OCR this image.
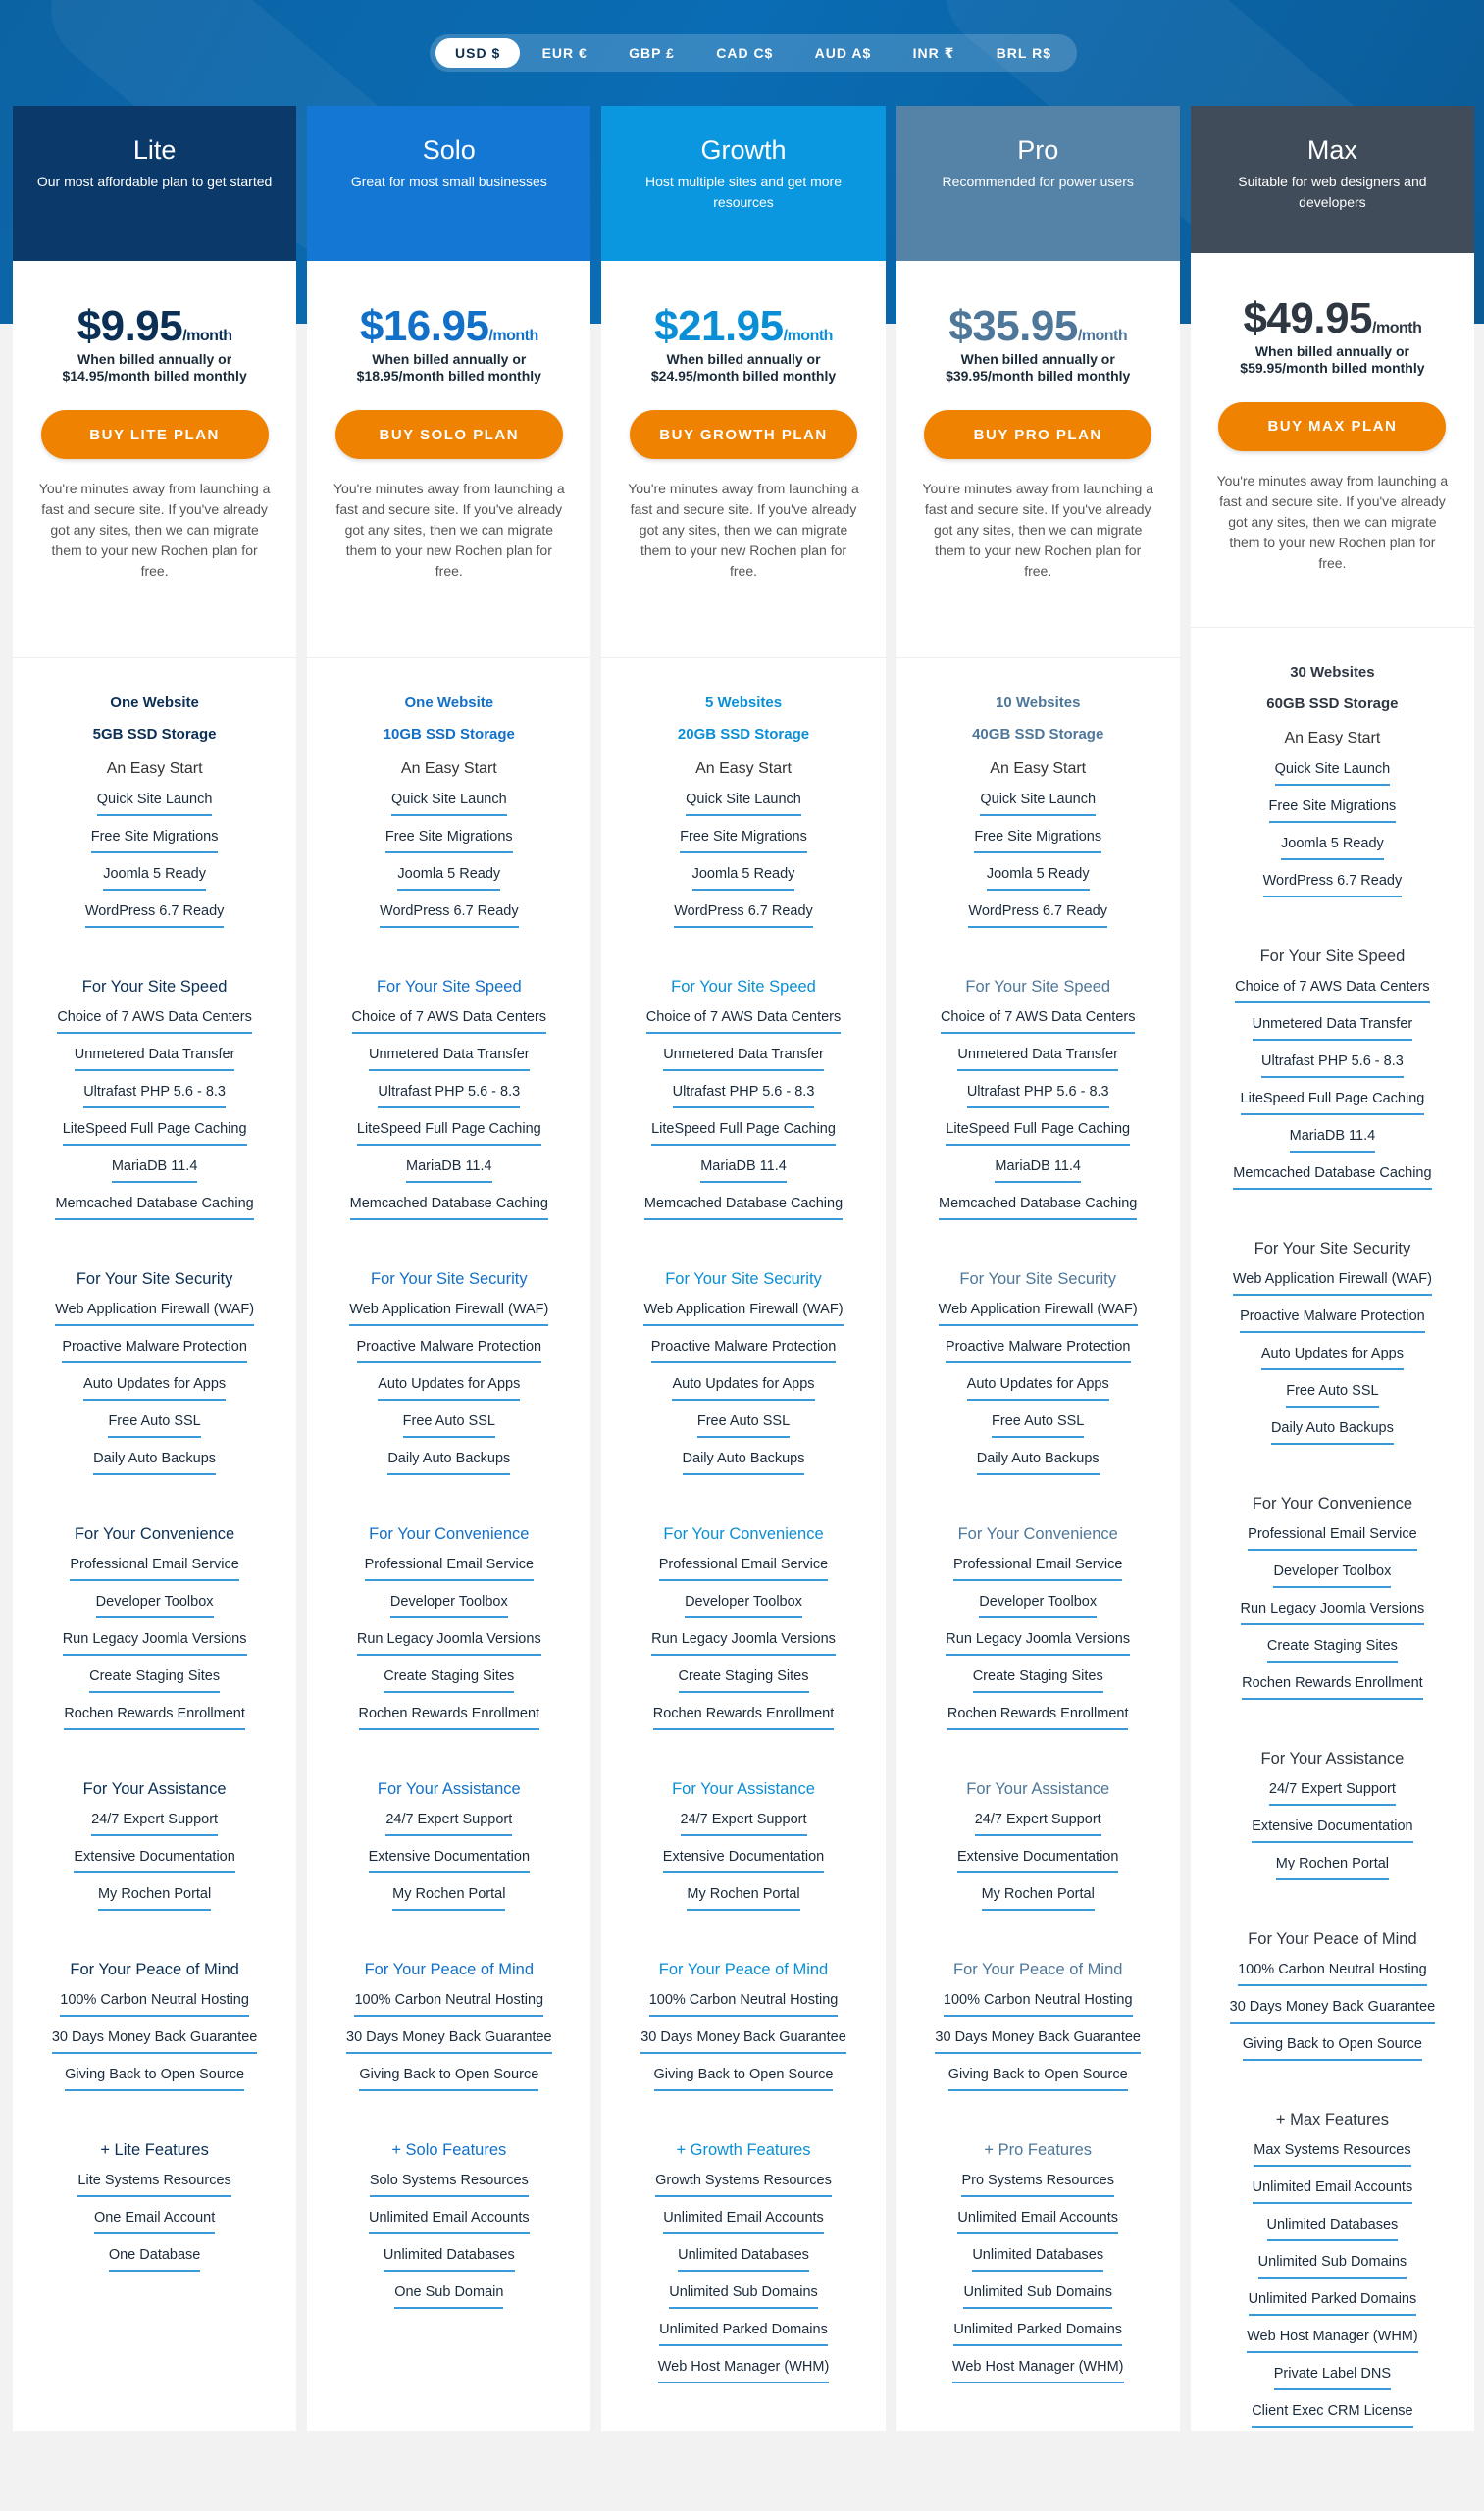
USD $	EUR €	GBP £	CAD C$	AUD A$	INR ₹	BRL R$
Lite
Our most affordable plan to get started
$9.95/month
When billed annually or
$14.95/month billed monthly
BUY LITE PLAN
You're minutes away from launching a fast and secure site. If you've already got any sites, then we can migrate them to your new Rochen plan for free.
One Website
5GB SSD Storage
An Easy Start
Quick Site Launch
Free Site Migrations
Joomla 5 Ready
WordPress 6.7 Ready
For Your Site Speed
Choice of 7 AWS Data Centers
Unmetered Data Transfer
Ultrafast PHP 5.6 - 8.3
LiteSpeed Full Page Caching
MariaDB 11.4
Memcached Database Caching
For Your Site Security
Web Application Firewall (WAF)
Proactive Malware Protection
Auto Updates for Apps
Free Auto SSL
Daily Auto Backups
For Your Convenience
Professional Email Service
Developer Toolbox
Run Legacy Joomla Versions
Create Staging Sites
Rochen Rewards Enrollment
For Your Assistance
24/7 Expert Support
Extensive Documentation
My Rochen Portal
For Your Peace of Mind
100% Carbon Neutral Hosting
30 Days Money Back Guarantee
Giving Back to Open Source
+ Lite Features
Lite Systems Resources
One Email Account
One Database
Solo
Great for most small businesses
$16.95/month
When billed annually or
$18.95/month billed monthly
BUY SOLO PLAN
You're minutes away from launching a fast and secure site. If you've already got any sites, then we can migrate them to your new Rochen plan for free.
One Website
10GB SSD Storage
An Easy Start
Quick Site Launch
Free Site Migrations
Joomla 5 Ready
WordPress 6.7 Ready
For Your Site Speed
Choice of 7 AWS Data Centers
Unmetered Data Transfer
Ultrafast PHP 5.6 - 8.3
LiteSpeed Full Page Caching
MariaDB 11.4
Memcached Database Caching
For Your Site Security
Web Application Firewall (WAF)
Proactive Malware Protection
Auto Updates for Apps
Free Auto SSL
Daily Auto Backups
For Your Convenience
Professional Email Service
Developer Toolbox
Run Legacy Joomla Versions
Create Staging Sites
Rochen Rewards Enrollment
For Your Assistance
24/7 Expert Support
Extensive Documentation
My Rochen Portal
For Your Peace of Mind
100% Carbon Neutral Hosting
30 Days Money Back Guarantee
Giving Back to Open Source
+ Solo Features
Solo Systems Resources
Unlimited Email Accounts
Unlimited Databases
One Sub Domain
Growth
Host multiple sites and get more resources
$21.95/month
When billed annually or
$24.95/month billed monthly
BUY GROWTH PLAN
You're minutes away from launching a fast and secure site. If you've already got any sites, then we can migrate them to your new Rochen plan for free.
5 Websites
20GB SSD Storage
An Easy Start
Quick Site Launch
Free Site Migrations
Joomla 5 Ready
WordPress 6.7 Ready
For Your Site Speed
Choice of 7 AWS Data Centers
Unmetered Data Transfer
Ultrafast PHP 5.6 - 8.3
LiteSpeed Full Page Caching
MariaDB 11.4
Memcached Database Caching
For Your Site Security
Web Application Firewall (WAF)
Proactive Malware Protection
Auto Updates for Apps
Free Auto SSL
Daily Auto Backups
For Your Convenience
Professional Email Service
Developer Toolbox
Run Legacy Joomla Versions
Create Staging Sites
Rochen Rewards Enrollment
For Your Assistance
24/7 Expert Support
Extensive Documentation
My Rochen Portal
For Your Peace of Mind
100% Carbon Neutral Hosting
30 Days Money Back Guarantee
Giving Back to Open Source
+ Growth Features
Growth Systems Resources
Unlimited Email Accounts
Unlimited Databases
Unlimited Sub Domains
Unlimited Parked Domains
Web Host Manager (WHM)
Pro
Recommended for power users
$35.95/month
When billed annually or
$39.95/month billed monthly
BUY PRO PLAN
You're minutes away from launching a fast and secure site. If you've already got any sites, then we can migrate them to your new Rochen plan for free.
10 Websites
40GB SSD Storage
An Easy Start
Quick Site Launch
Free Site Migrations
Joomla 5 Ready
WordPress 6.7 Ready
For Your Site Speed
Choice of 7 AWS Data Centers
Unmetered Data Transfer
Ultrafast PHP 5.6 - 8.3
LiteSpeed Full Page Caching
MariaDB 11.4
Memcached Database Caching
For Your Site Security
Web Application Firewall (WAF)
Proactive Malware Protection
Auto Updates for Apps
Free Auto SSL
Daily Auto Backups
For Your Convenience
Professional Email Service
Developer Toolbox
Run Legacy Joomla Versions
Create Staging Sites
Rochen Rewards Enrollment
For Your Assistance
24/7 Expert Support
Extensive Documentation
My Rochen Portal
For Your Peace of Mind
100% Carbon Neutral Hosting
30 Days Money Back Guarantee
Giving Back to Open Source
+ Pro Features
Pro Systems Resources
Unlimited Email Accounts
Unlimited Databases
Unlimited Sub Domains
Unlimited Parked Domains
Web Host Manager (WHM)
Max
Suitable for web designers and developers
$49.95/month
When billed annually or
$59.95/month billed monthly
BUY MAX PLAN
You're minutes away from launching a fast and secure site. If you've already got any sites, then we can migrate them to your new Rochen plan for free.
30 Websites
60GB SSD Storage
An Easy Start
Quick Site Launch
Free Site Migrations
Joomla 5 Ready
WordPress 6.7 Ready
For Your Site Speed
Choice of 7 AWS Data Centers
Unmetered Data Transfer
Ultrafast PHP 5.6 - 8.3
LiteSpeed Full Page Caching
MariaDB 11.4
Memcached Database Caching
For Your Site Security
Web Application Firewall (WAF)
Proactive Malware Protection
Auto Updates for Apps
Free Auto SSL
Daily Auto Backups
For Your Convenience
Professional Email Service
Developer Toolbox
Run Legacy Joomla Versions
Create Staging Sites
Rochen Rewards Enrollment
For Your Assistance
24/7 Expert Support
Extensive Documentation
My Rochen Portal
For Your Peace of Mind
100% Carbon Neutral Hosting
30 Days Money Back Guarantee
Giving Back to Open Source
+ Max Features
Max Systems Resources
Unlimited Email Accounts
Unlimited Databases
Unlimited Sub Domains
Unlimited Parked Domains
Web Host Manager (WHM)
Private Label DNS
Client Exec CRM License
